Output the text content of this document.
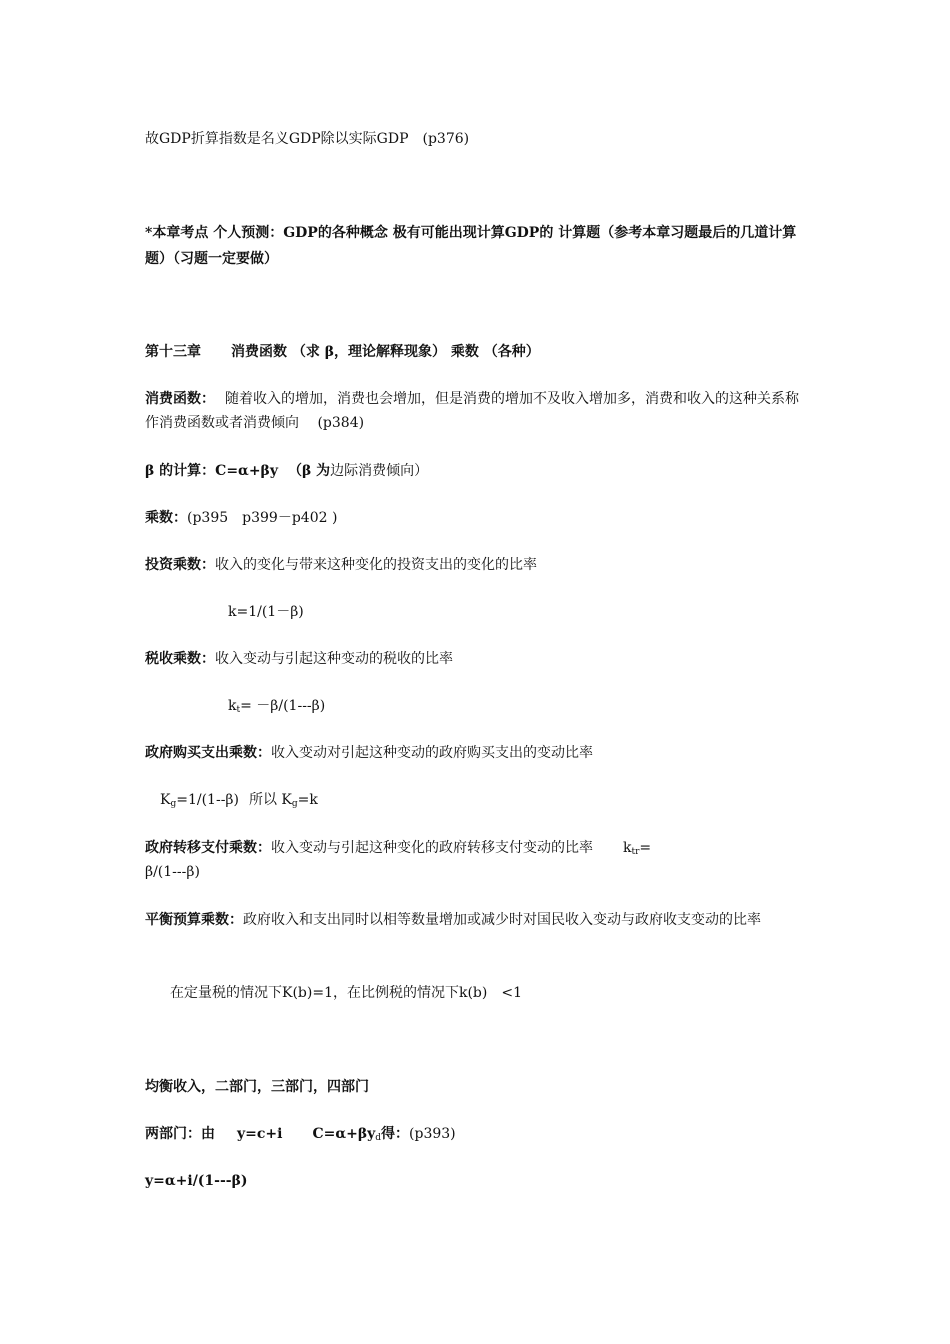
故GDP折算指数是名义GDP除以实际GDP　(p376)
*本章考点 个人预测：GDP的各种概念 极有可能出现计算GDP的 计算题（参考本章习题最后的几道计算题）（习题一定要做）
第十三章 消费函数 （求 β，理论解释现象） 乘数 （各种）
消费函数： 随着收入的增加，消费也会增加，但是消费的增加不及收入增加多，消费和收入的这种关系称作消费函数或者消费倾向　 (p384)
β 的计算：C=α+βy （β 为边际消费倾向）
乘数：(p395　p399－p402 )
投资乘数：收入的变化与带来这种变化的投资支出的变化的比率
k=1/(1－β)
税收乘数：收入变动与引起这种变动的税收的比率
$k_t= -\beta/(1---\beta)$
政府购买支出乘数：收入变动对引起这种变动的政府购买支出的变动比率
$K_g=1/(1--\beta)$ 所以 $K_g=k$
政府转移支付乘数：收入变动与引起这种变化的政府转移支付变动的比率 $k_{tr}=$
β/(1---β)
平衡预算乘数：政府收入和支出同时以相等数量增加或减少时对国民收入变动与政府收支变动的比率
在定量税的情况下K(b)=1，在比例税的情况下k(b)　<1
均衡收入，二部门，三部门，四部门
两部门：由 y=c+i $C=\alpha+\beta y_d$得：(p393)
y=α+i/(1---β)
